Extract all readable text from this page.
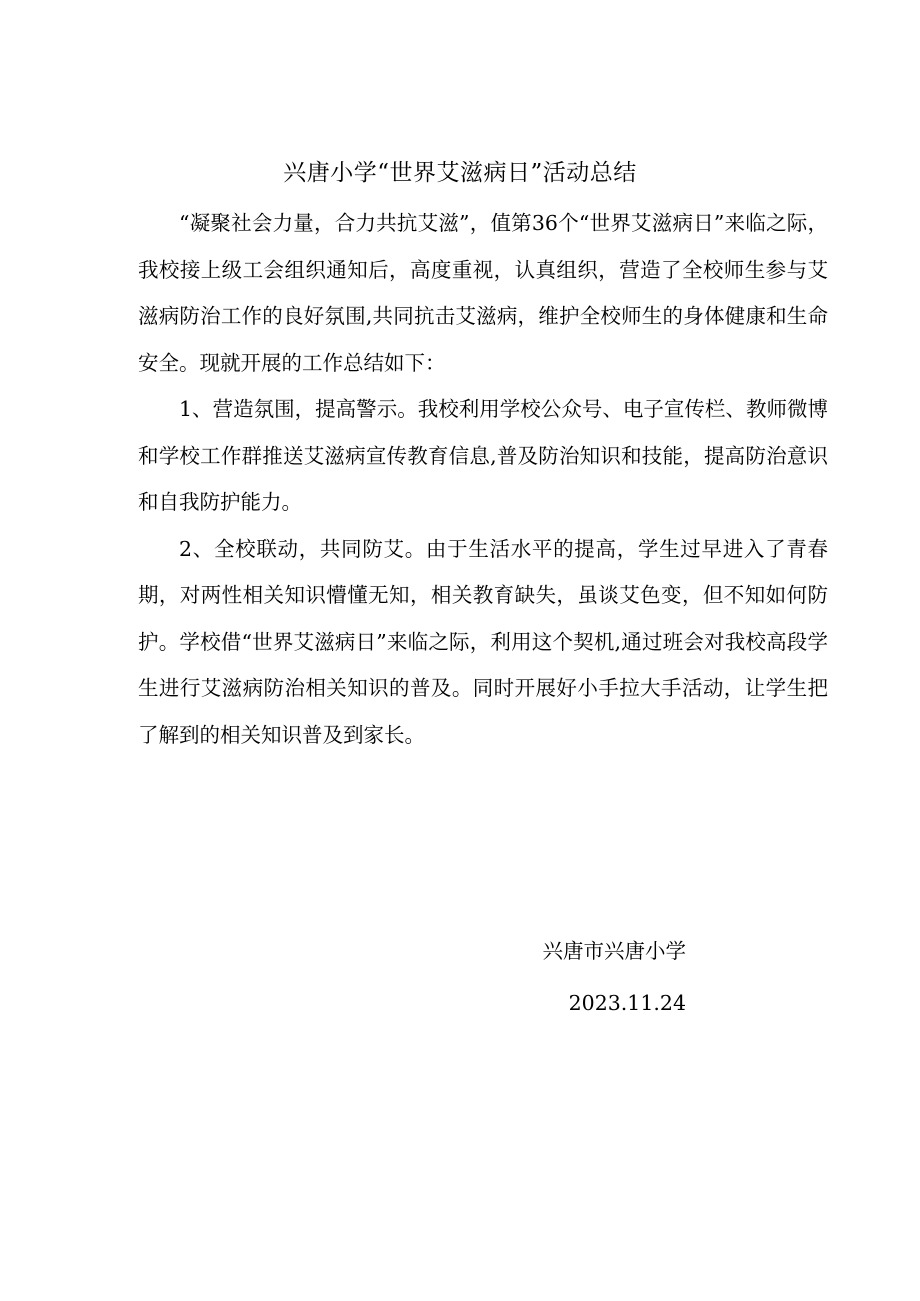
兴唐小学“世界艾滋病日”活动总结

“凝聚社会力量，合力共抗艾滋”，值第36个“世界艾滋病日”来临之际，我校接上级工会组织通知后，高度重视，认真组织，营造了全校师生参与艾滋病防治工作的良好氛围,共同抗击艾滋病，维护全校师生的身体健康和生命安全。现就开展的工作总结如下：

1、营造氛围，提高警示。我校利用学校公众号、电子宣传栏、教师微博和学校工作群推送艾滋病宣传教育信息,普及防治知识和技能，提高防治意识和自我防护能力。

2、全校联动，共同防艾。由于生活水平的提高，学生过早进入了青春期，对两性相关知识懵懂无知，相关教育缺失，虽谈艾色变，但不知如何防护。学校借“世界艾滋病日”来临之际，利用这个契机,通过班会对我校高段学生进行艾滋病防治相关知识的普及。同时开展好小手拉大手活动，让学生把了解到的相关知识普及到家长。

兴唐市兴唐小学
2023.11.24
